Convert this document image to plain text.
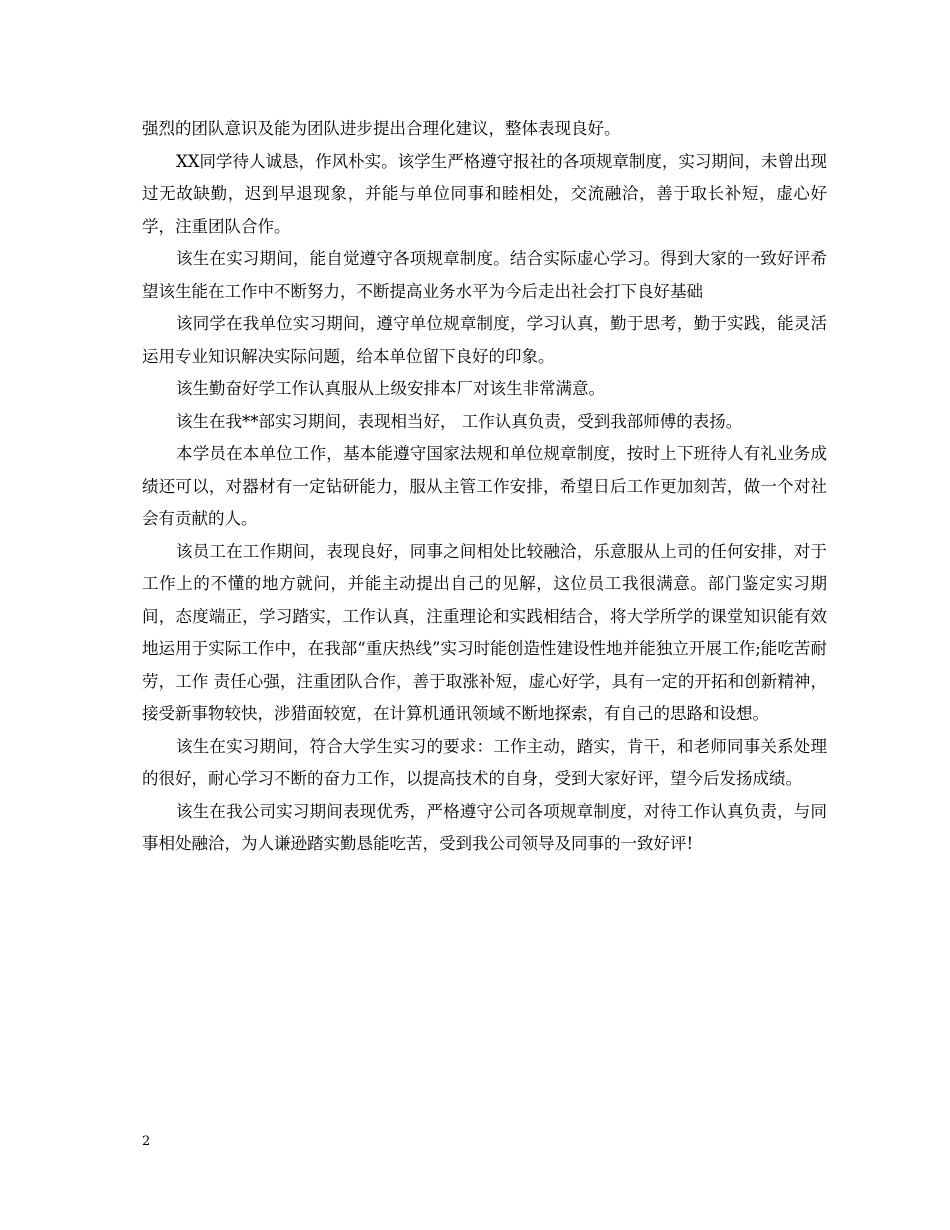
强烈的团队意识及能为团队进步提出合理化建议，整体表现良好。

XX同学待人诚恳，作风朴实。该学生严格遵守报社的各项规章制度，实习期间，未曾出现过无故缺勤，迟到早退现象，并能与单位同事和睦相处，交流融洽，善于取长补短，虚心好学，注重团队合作。

该生在实习期间，能自觉遵守各项规章制度。结合实际虚心学习。得到大家的一致好评希望该生能在工作中不断努力，不断提高业务水平为今后走出社会打下良好基础

该同学在我单位实习期间，遵守单位规章制度，学习认真，勤于思考，勤于实践，能灵活运用专业知识解决实际问题，给本单位留下良好的印象。

该生勤奋好学工作认真服从上级安排本厂对该生非常满意。

该生在我**部实习期间，表现相当好， 工作认真负责，受到我部师傅的表扬。

本学员在本单位工作，基本能遵守国家法规和单位规章制度，按时上下班待人有礼业务成绩还可以，对器材有一定钻研能力，服从主管工作安排，希望日后工作更加刻苦，做一个对社会有贡献的人。

该员工在工作期间，表现良好，同事之间相处比较融洽，乐意服从上司的任何安排，对于工作上的不懂的地方就问，并能主动提出自己的见解，这位员工我很满意。部门鉴定实习期间，态度端正，学习踏实，工作认真，注重理论和实践相结合，将大学所学的课堂知识能有效地运用于实际工作中，在我部“重庆热线”实习时能创造性建设性地并能独立开展工作;能吃苦耐劳，工作 责任心强，注重团队合作，善于取涨补短，虚心好学，具有一定的开拓和创新精神，接受新事物较快，涉猎面较宽，在计算机通讯领域不断地探索，有自己的思路和设想。

该生在实习期间，符合大学生实习的要求：工作主动，踏实，肯干，和老师同事关系处理的很好，耐心学习不断的奋力工作，以提高技术的自身，受到大家好评，望今后发扬成绩。

该生在我公司实习期间表现优秀，严格遵守公司各项规章制度，对待工作认真负责，与同事相处融洽，为人谦逊踏实勤恳能吃苦，受到我公司领导及同事的一致好评!

2
